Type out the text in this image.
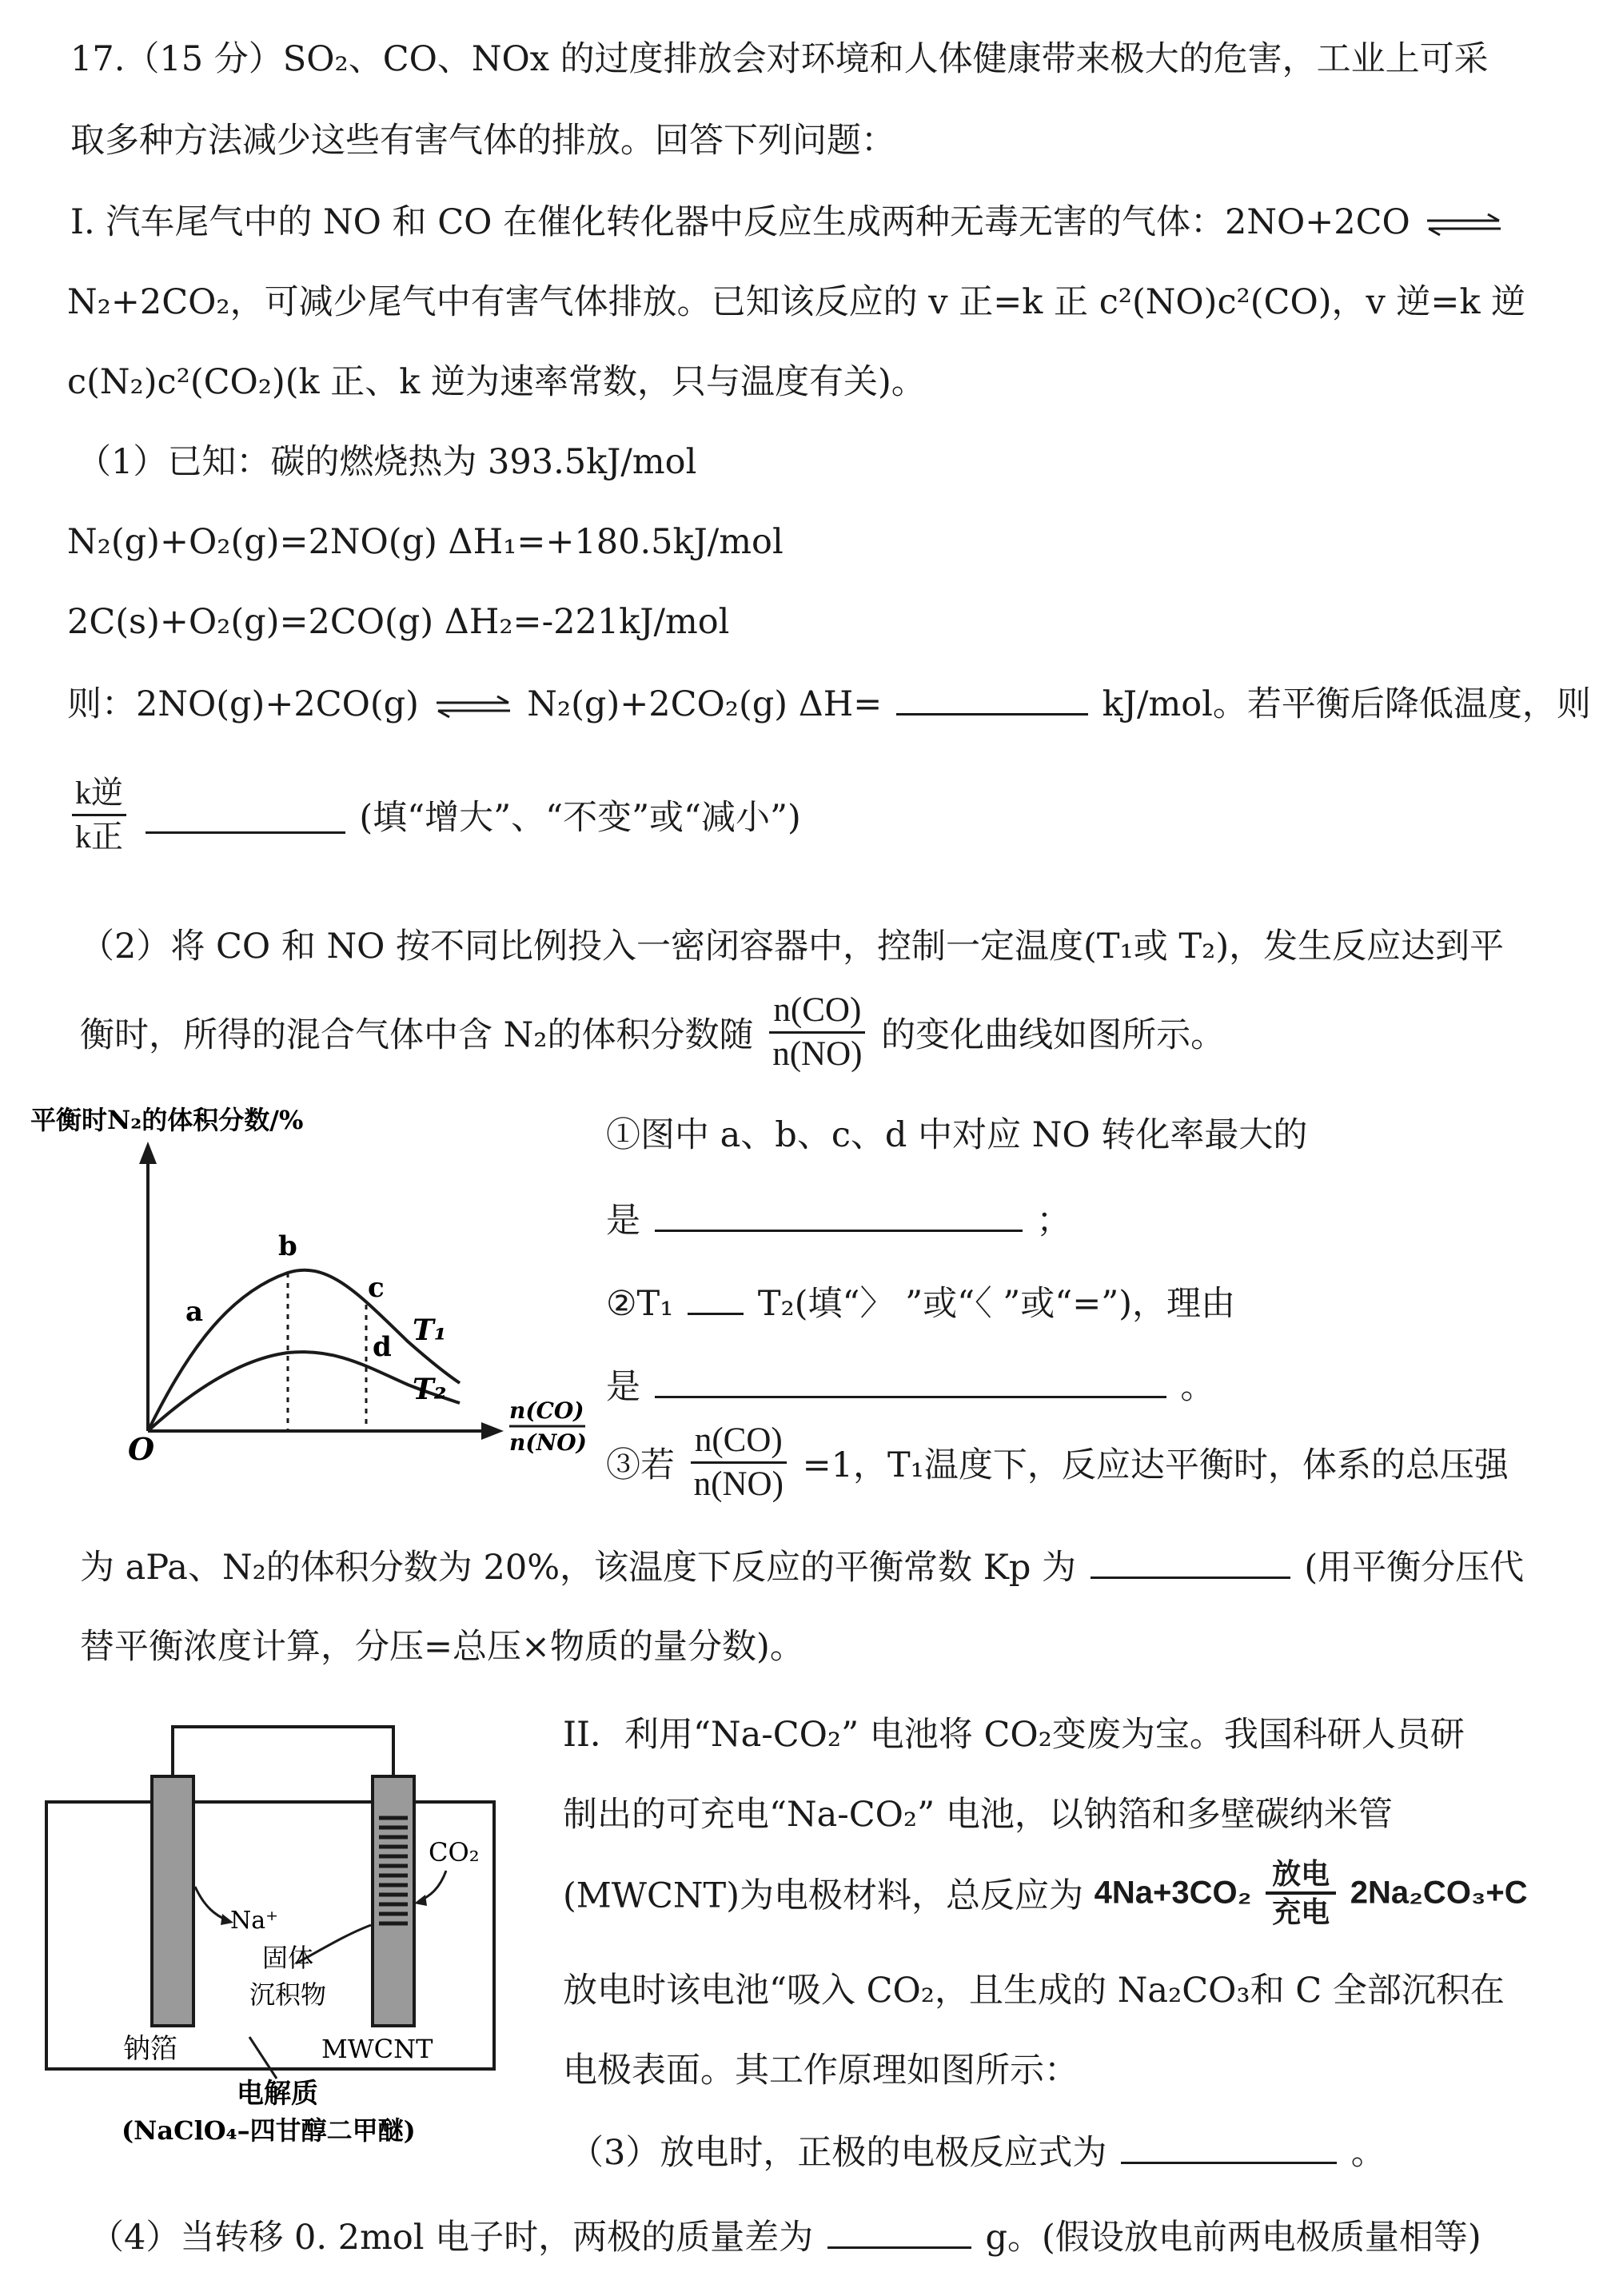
17.（15 分）SO₂、CO、NOx 的过度排放会对环境和人体健康带来极大的危害，工业上可采
取多种方法减少这些有害气体的排放。回答下列问题：
I. 汽车尾气中的 NO 和 CO 在催化转化器中反应生成两种无毒无害的气体：2NO+2CO ⇌
N₂+2CO₂，可减少尾气中有害气体排放。已知该反应的 v 正=k 正 c²(NO)c²(CO)，v 逆=k 逆
c(N₂)c²(CO₂)(k 正、k 逆为速率常数，只与温度有关)。
（1）已知：碳的燃烧热为 393.5kJ/mol
N₂(g)+O₂(g)=2NO(g) ΔH₁=+180.5kJ/mol
2C(s)+O₂(g)=2CO(g) ΔH₂=-221kJ/mol
则：2NO(g)+2CO(g) ⇌ N₂(g)+2CO₂(g) ΔH=	kJ/mol。若平衡后降低温度，则
$\frac{\text{k逆}}{\text{k正}}$	(填“增大”、“不变”或“减小”)
（2）将 CO 和 NO 按不同比例投入一密闭容器中，控制一定温度(T₁或 T₂)，发生反应达到平
衡时，所得的混合气体中含 N₂的体积分数随 $\frac{n(CO)}{n(NO)}$ 的变化曲线如图所示。
平衡时N₂的体积分数/%
O
a
b
c
d T₁
T₂
n(CO)
n(NO)
①图中 a、b、c、d 中对应 NO 转化率最大的
是	；
②T₁ T₂(填“〉 ”或“〈 ”或“=”)，理由
是	。
③若 $\frac{n(CO)}{n(NO)} =1$，T₁温度下，反应达平衡时，体系的总压强
为 aPa、N₂的体积分数为 20%，该温度下反应的平衡常数 Kp 为	(用平衡分压代
替平衡浓度计算，分压=总压×物质的量分数)。
CO₂
Na⁺
固体
沉积物
钠箔	MWCNT
电解质
(NaClO₄–四甘醇二甲醚)
II．利用“Na-CO₂” 电池将 CO₂变废为宝。我国科研人员研
制出的可充电“Na-CO₂” 电池，以钠箔和多壁碳纳米管
(MWCNT)为电极材料，总反应为 4Na+3CO₂
放电
充电
2Na₂CO₃+C
放电时该电池“吸入 CO₂，且生成的 Na₂CO₃和 C 全部沉积在
电极表面。其工作原理如图所示：
（3）放电时，正极的电极反应式为	。
（4）当转移 0. 2mol 电子时，两极的质量差为	g。(假设放电前两电极质量相等)
